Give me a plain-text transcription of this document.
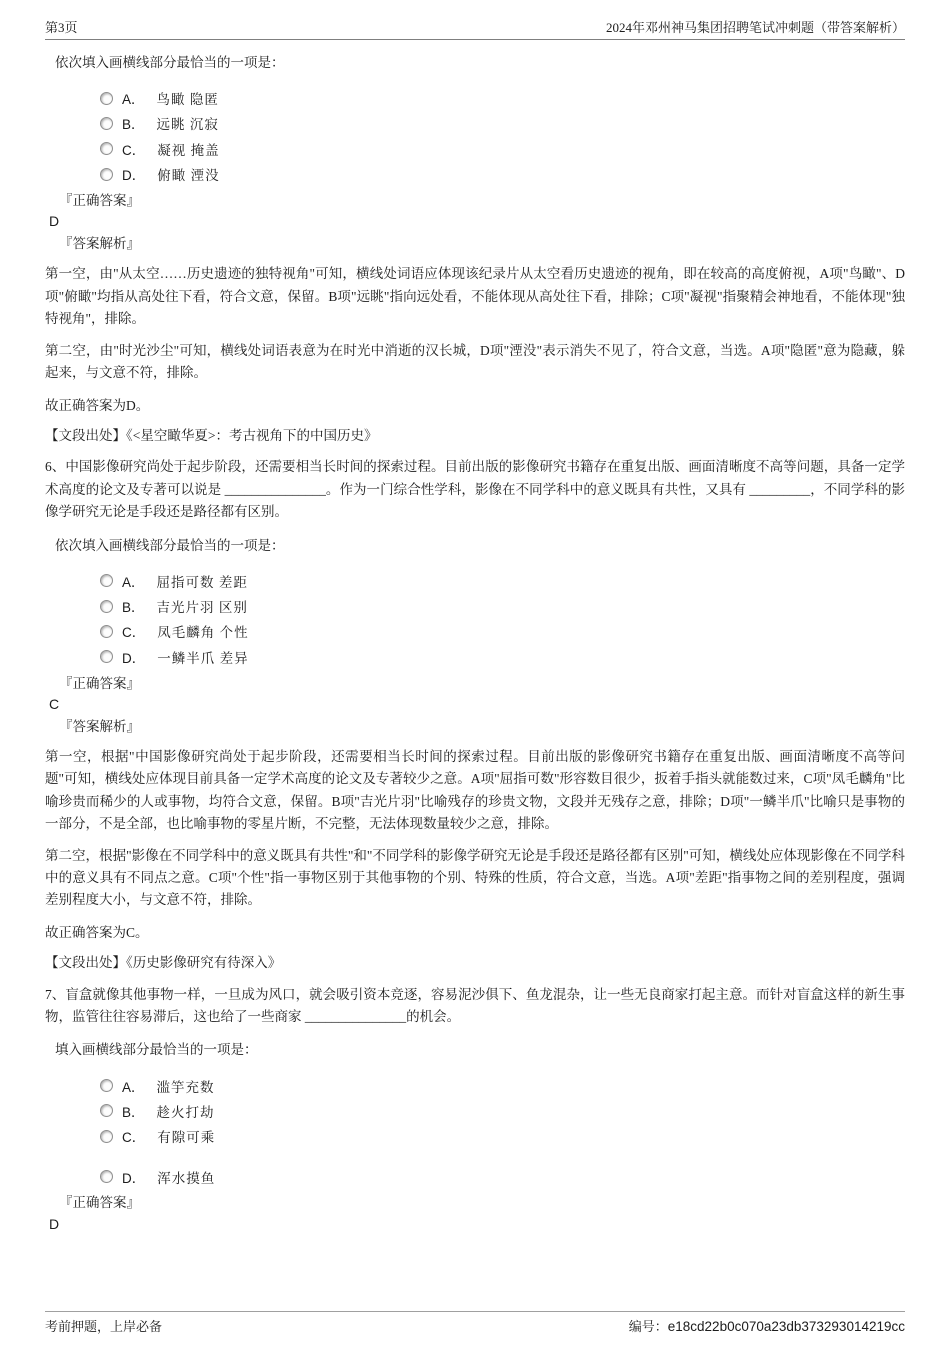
第3页	2024年邓州神马集团招聘笔试冲刺题（带答案解析）

依次填入画横线部分最恰当的一项是：

A． 鸟瞰 隐匿
B． 远眺 沉寂
C． 凝视 掩盖
D． 俯瞰 湮没

『正确答案』

D

『答案解析』

第一空，由"从太空……历史遗迹的独特视角"可知，横线处词语应体现该纪录片从太空看历史遗迹的视角，即在较高的高度俯视，A项"鸟瞰"、D项"俯瞰"均指从高处往下看，符合文意，保留。B项"远眺"指向远处看，不能体现从高处往下看，排除；C项"凝视"指聚精会神地看，不能体现"独特视角"，排除。

第二空，由"时光沙尘"可知，横线处词语表意为在时光中消逝的汉长城，D项"湮没"表示消失不见了，符合文意，当选。A项"隐匿"意为隐藏，躲起来，与文意不符，排除。

故正确答案为D。

【文段出处】《<星空瞰华夏>：考古视角下的中国历史》

6、中国影像研究尚处于起步阶段，还需要相当长时间的探索过程。目前出版的影像研究书籍存在重复出版、画面清晰度不高等问题，具备一定学术高度的论文及专著可以说是 _______________。作为一门综合性学科，影像在不同学科中的意义既具有共性，又具有 _________，不同学科的影像学研究无论是手段还是路径都有区别。

依次填入画横线部分最恰当的一项是：

A． 屈指可数 差距
B． 吉光片羽 区别
C． 凤毛麟角 个性
D． 一鳞半爪 差异

『正确答案』

C

『答案解析』

第一空，根据"中国影像研究尚处于起步阶段，还需要相当长时间的探索过程。目前出版的影像研究书籍存在重复出版、画面清晰度不高等问题"可知，横线处应体现目前具备一定学术高度的论文及专著较少之意。A项"屈指可数"形容数目很少，扳着手指头就能数过来，C项"凤毛麟角"比喻珍贵而稀少的人或事物，均符合文意，保留。B项"吉光片羽"比喻残存的珍贵文物，文段并无残存之意，排除；D项"一鳞半爪"比喻只是事物的一部分，不是全部，也比喻事物的零星片断，不完整，无法体现数量较少之意，排除。

第二空，根据"影像在不同学科中的意义既具有共性"和"不同学科的影像学研究无论是手段还是路径都有区别"可知，横线处应体现影像在不同学科中的意义具有不同点之意。C项"个性"指一事物区别于其他事物的个别、特殊的性质，符合文意，当选。A项"差距"指事物之间的差别程度，强调差别程度大小，与文意不符，排除。

故正确答案为C。

【文段出处】《历史影像研究有待深入》

7、盲盒就像其他事物一样，一旦成为风口，就会吸引资本竞逐，容易泥沙俱下、鱼龙混杂，让一些无良商家打起主意。而针对盲盒这样的新生事物，监管往往容易滞后，这也给了一些商家 _______________的机会。

填入画横线部分最恰当的一项是：

A． 滥竽充数
B． 趁火打劫
C． 有隙可乘
D． 浑水摸鱼

『正确答案』

D

考前押题，上岸必备	编号：e18cd22b0c070a23db373293014219cc
